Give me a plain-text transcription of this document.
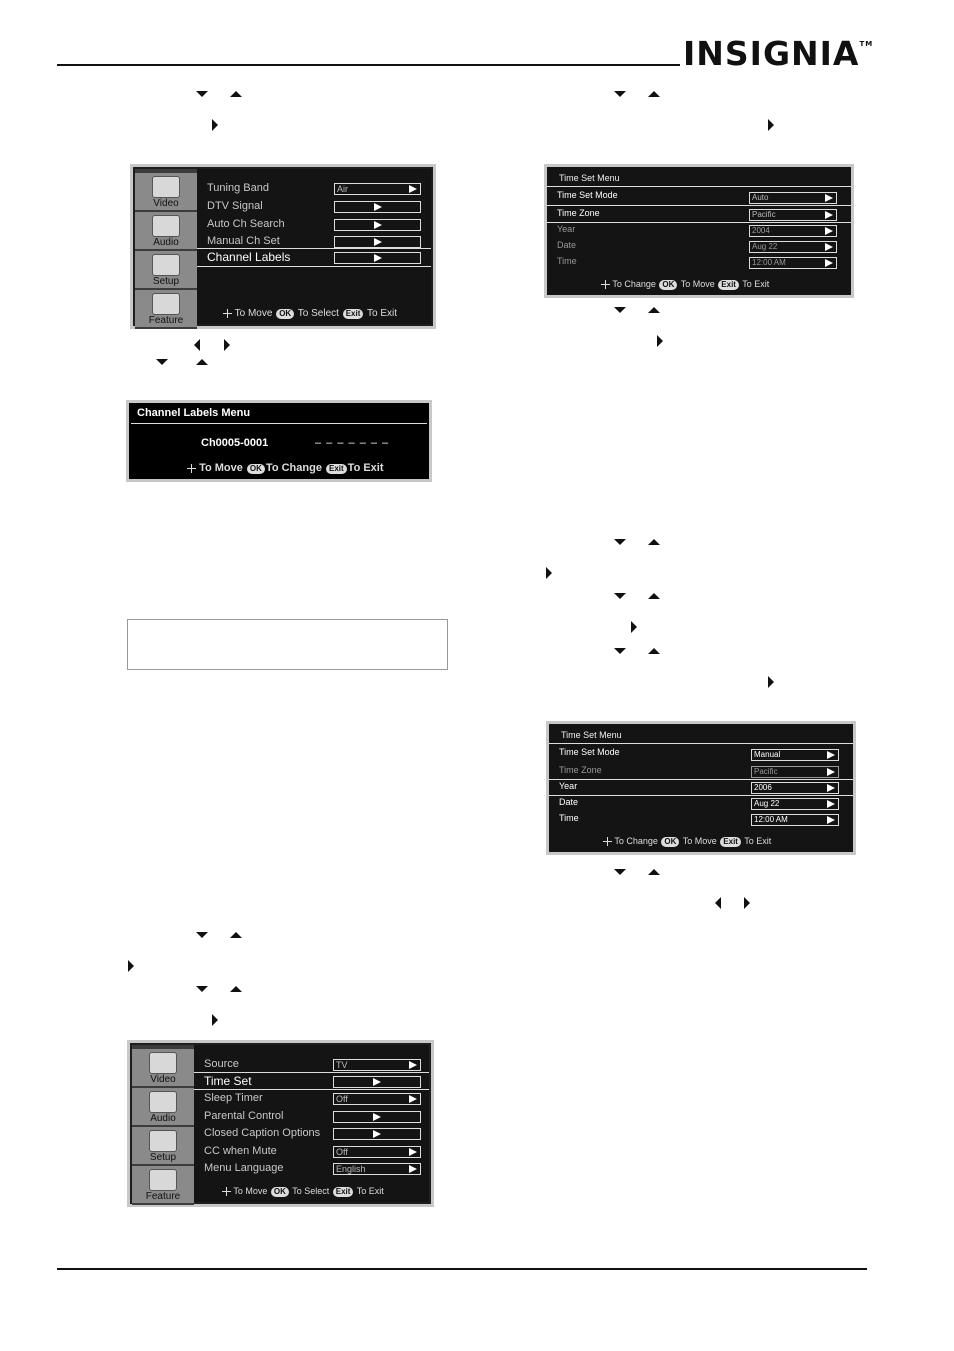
INSIGNIA™
Video
Audio
Setup
Feature
Tuning Band	Air
DTV Signal
Auto Ch Search
Manual Ch Set
Channel Labels
To Move OK To Select Exit To Exit
Channel Labels Menu
Ch0005-0001	– – – – – – –
To Move OK To Change Exit To Exit
Video
Audio
Setup
Feature
Source	TV
Time Set
Sleep Timer	Off
Parental Control
Closed Caption Options
CC when Mute	Off
Menu Language	English
To Move OK To Select Exit To Exit
Time Set Menu
Time Set Mode	Auto
Time Zone	Pacific
Year	2004
Date	Aug 22
Time	12:00 AM
To Change OK To Move Exit To Exit
Time Set Menu
Time Set Mode	Manual
Time Zone	Pacific
Year	2006
Date	Aug 22
Time	12:00 AM
To Change OK To Move Exit To Exit
